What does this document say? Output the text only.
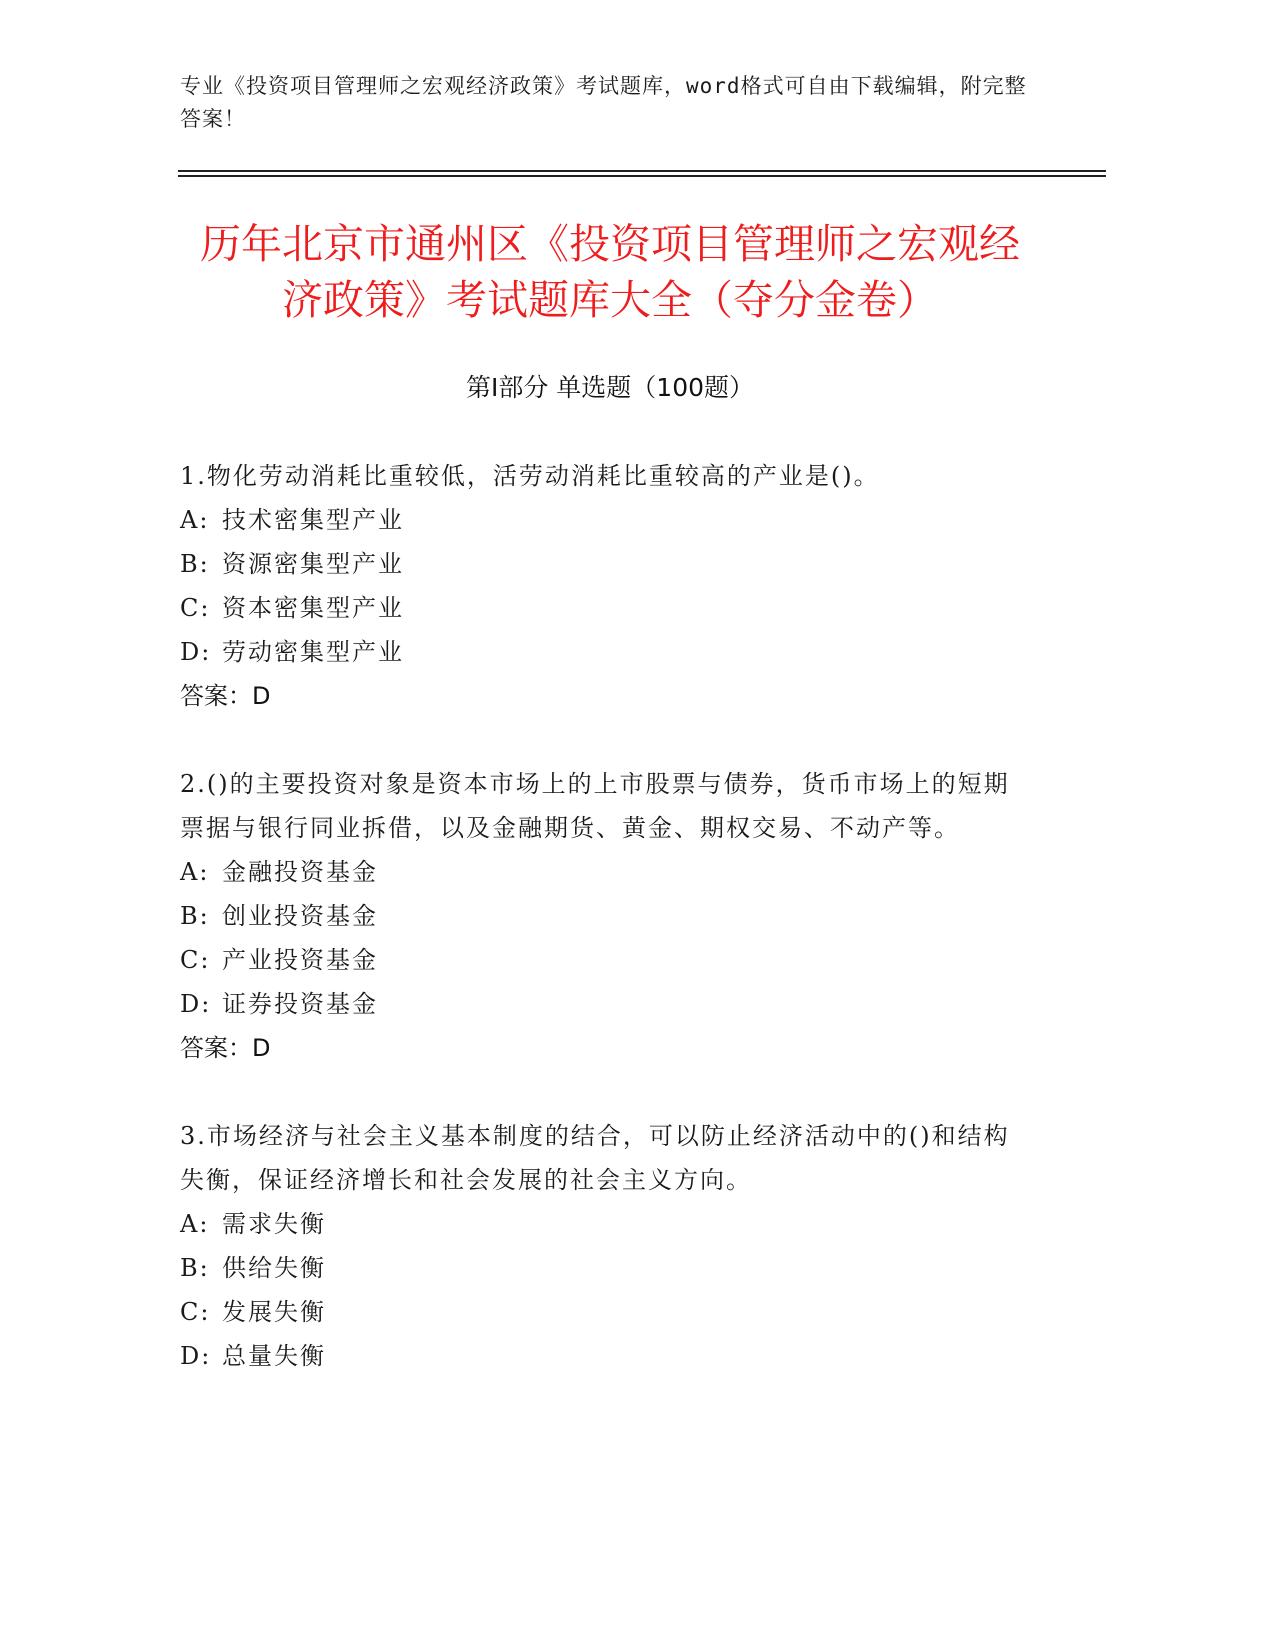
专业《投资项目管理师之宏观经济政策》考试题库，word格式可自由下载编辑，附完整答案！
历年北京市通州区《投资项目管理师之宏观经济政策》考试题库大全（夺分金卷）
第Ⅰ部分 单选题（100题）
1.物化劳动消耗比重较低，活劳动消耗比重较高的产业是()。
A: 技术密集型产业
B: 资源密集型产业
C: 资本密集型产业
D: 劳动密集型产业
答案：D
2.()的主要投资对象是资本市场上的上市股票与债券，货币市场上的短期票据与银行同业拆借，以及金融期货、黄金、期权交易、不动产等。
A: 金融投资基金
B: 创业投资基金
C: 产业投资基金
D: 证券投资基金
答案：D
3.市场经济与社会主义基本制度的结合，可以防止经济活动中的()和结构失衡，保证经济增长和社会发展的社会主义方向。
A: 需求失衡
B: 供给失衡
C: 发展失衡
D: 总量失衡
